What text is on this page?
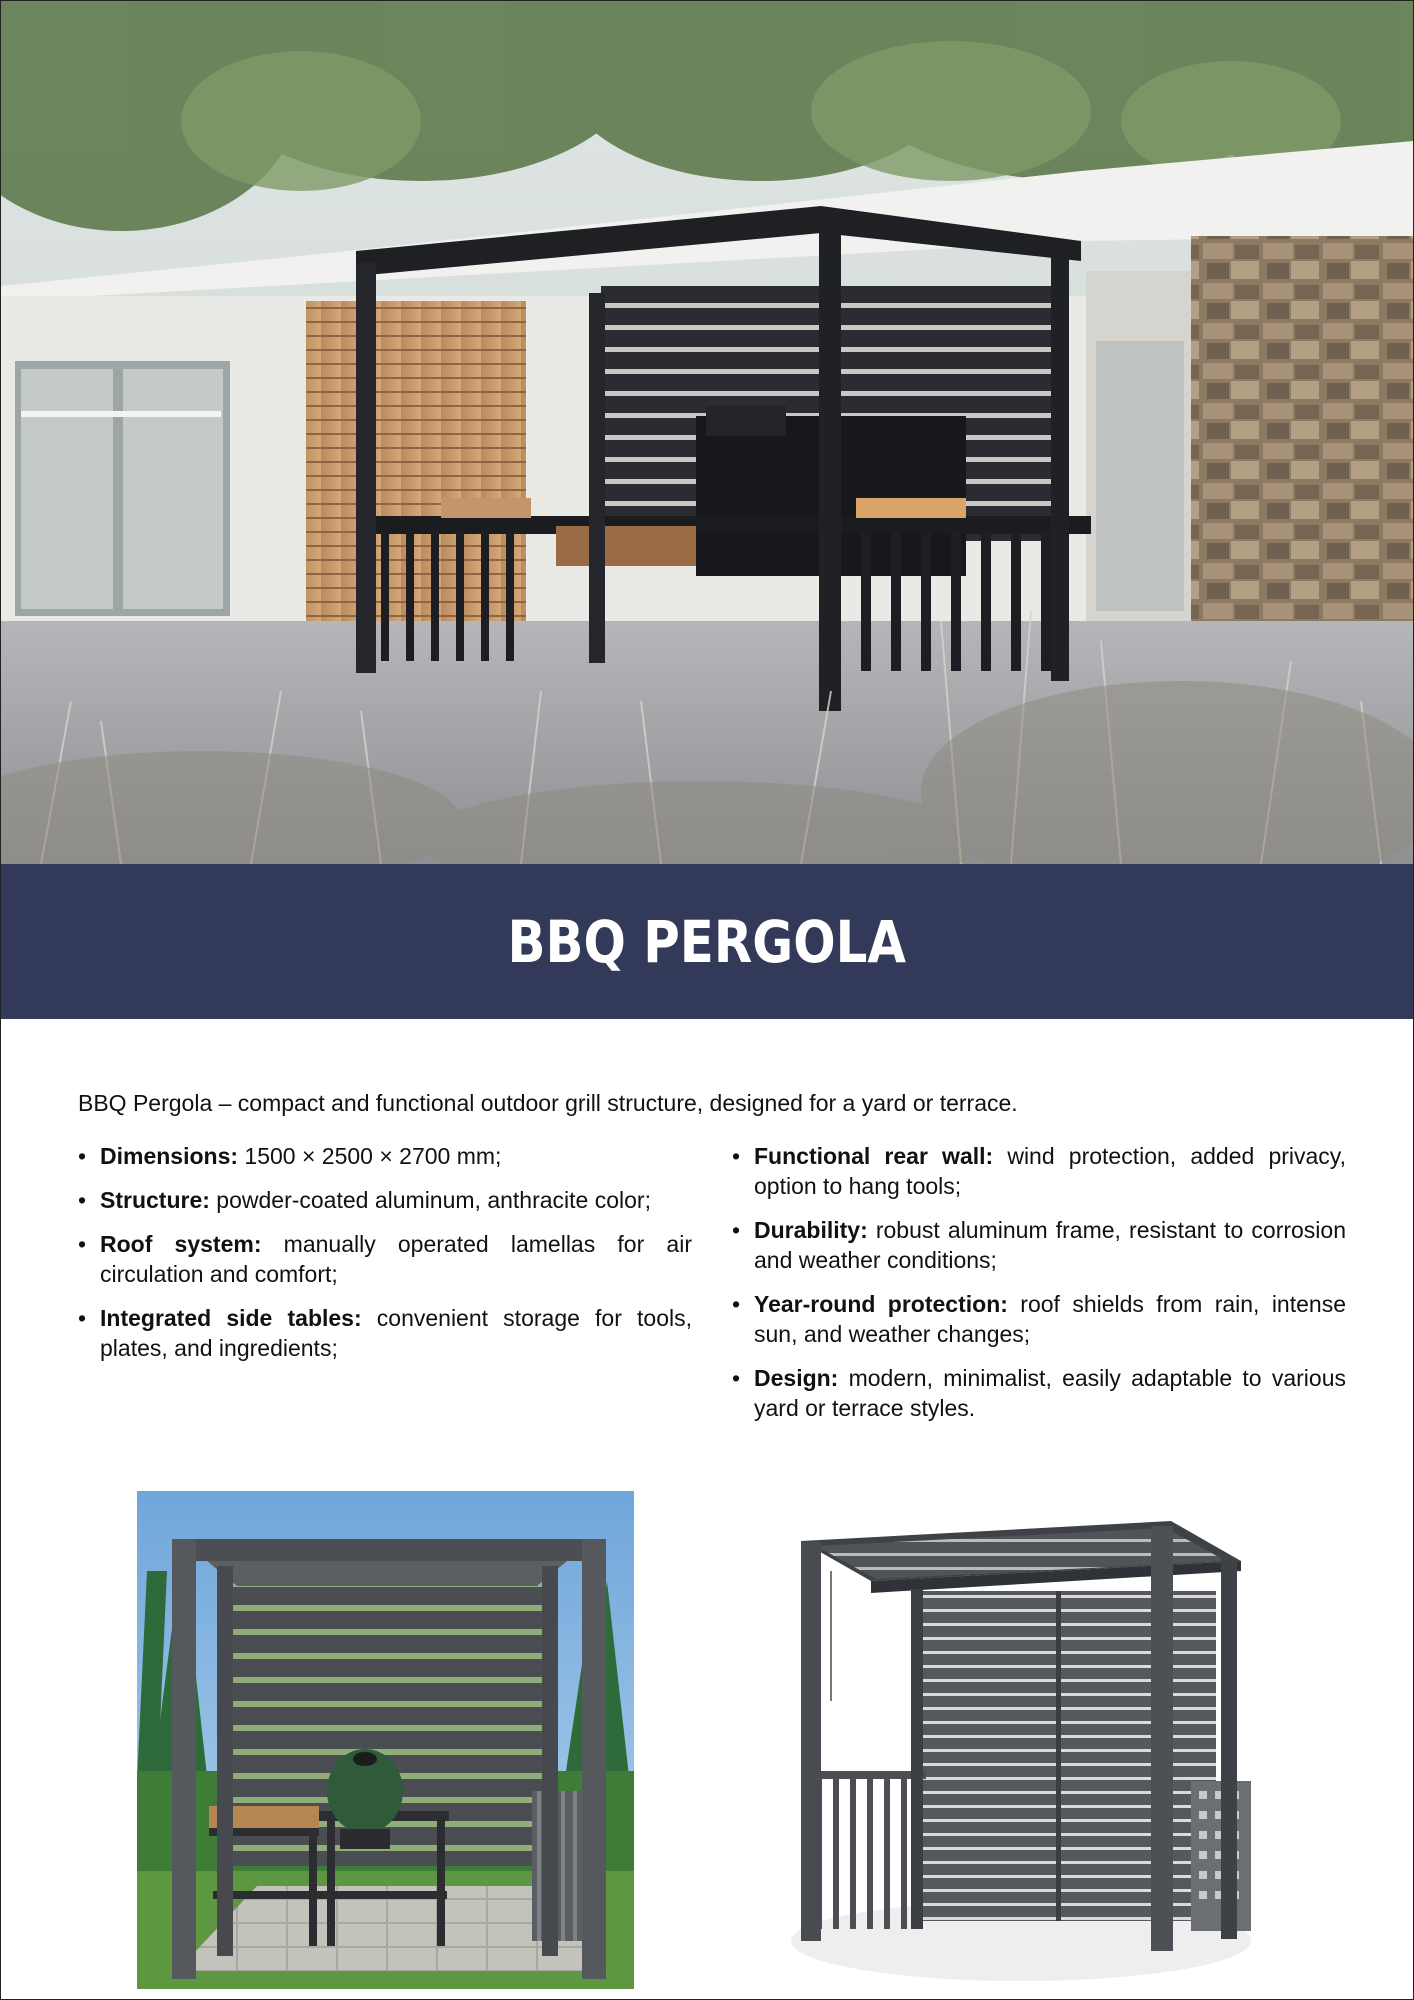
BBQ PERGOLA

BBQ Pergola – compact and functional outdoor grill structure, designed for a yard or terrace.

• Dimensions: 1500 × 2500 × 2700 mm;
• Structure: powder-coated aluminum, anthracite color;
• Roof system: manually operated lamellas for air circulation and comfort;
• Integrated side tables: convenient storage for tools, plates, and ingredients;
• Functional rear wall: wind protection, added privacy, option to hang tools;
• Durability: robust aluminum frame, resistant to corrosion and weather conditions;
• Year-round protection: roof shields from rain, intense sun, and weather changes;
• Design: modern, minimalist, easily adaptable to various yard or terrace styles.
